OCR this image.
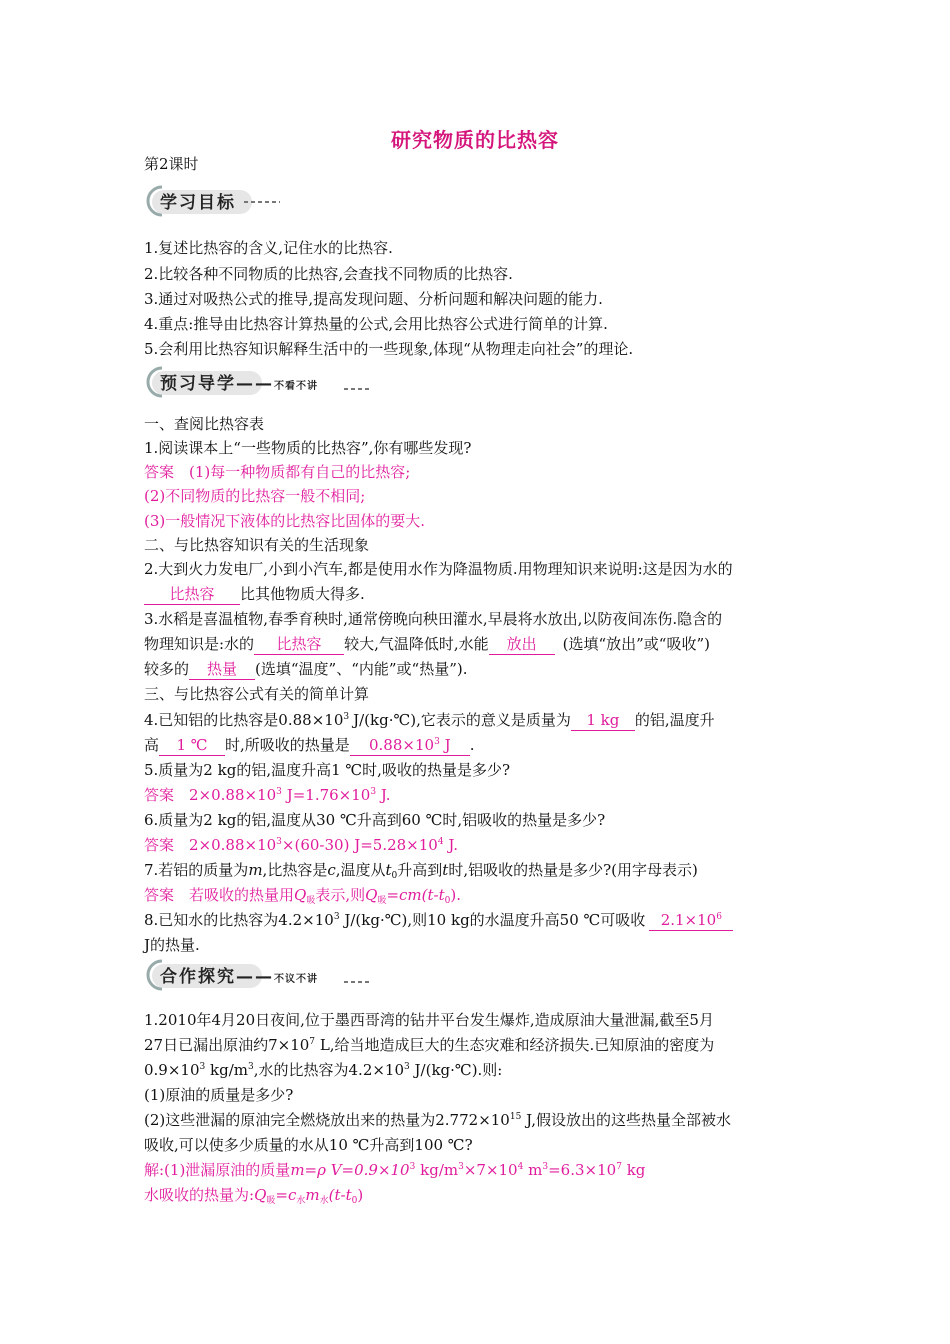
研究物质的比热容
第2课时
学习目标
1.复述比热容的含义,记住水的比热容.
2.比较各种不同物质的比热容,会查找不同物质的比热容.
3.通过对吸热公式的推导,提高发现问题、分析问题和解决问题的能力.
4.重点:推导由比热容计算热量的公式,会用比热容公式进行简单的计算.
5.会利用比热容知识解释生活中的一些现象,体现“从物理走向社会”的理论.
预习导学——不看不讲
一、查阅比热容表
1.阅读课本上“一些物质的比热容”,你有哪些发现?
答案　(1)每一种物质都有自己的比热容;
(2)不同物质的比热容一般不相同;
(3)一般情况下液体的比热容比固体的要大.
二、与比热容知识有关的生活现象
2.大到火力发电厂,小到小汽车,都是使用水作为降温物质.用物理知识来说明:这是因为水的
比热容 比其他物质大得多.
3.水稻是喜温植物,春季育秧时,通常傍晚向秧田灌水,早晨将水放出,以防夜间冻伤.隐含的
物理知识是:水的 比热容 较大,气温降低时,水能 放出 (选填“放出”或“吸收”)
较多的 热量 (选填“温度”、“内能”或“热量”).
三、与比热容公式有关的简单计算
4.已知铝的比热容是$0.88\times 10^3$ J/(kg·℃),它表示的意义是质量为 1 kg 的铝,温度升
高 1 ℃ 时,所吸收的热量是 $0.88\times 10^3$ J .
5.质量为2 kg的铝,温度升高1 ℃时,吸收的热量是多少?
答案　$2\times 0.88\times 10^3$ $J=1.76\times 10^3$ J.
6.质量为2 kg的铝,温度从30 ℃升高到60 ℃时,铝吸收的热量是多少?
答案　$2\times 0.88\times 10^3\times(60-30)$ $J=5.28\times 10^4$ J.
7.若铝的质量为m,比热容是c,温度从$t_0$升高到t时,铝吸收的热量是多少?(用字母表示)
答案　若吸收的热量用$Q_吸$表示,则$Q_吸=cm(t-t_0)$.
8.已知水的比热容为$4.2\times 10^3$ J/(kg·℃),则10 kg的水温度升高50 ℃可吸收 $2.1\times 10^6$
J的热量.
合作探究——不议不讲
1.2010年4月20日夜间,位于墨西哥湾的钻井平台发生爆炸,造成原油大量泄漏,截至5月
27日已漏出原油约$7\times 10^7$ L,给当地造成巨大的生态灾难和经济损失.已知原油的密度为
$0.9\times 10^3$ $kg/m^3$,水的比热容为$4.2\times 10^3$ J/(kg·℃).则:
(1)原油的质量是多少?
(2)这些泄漏的原油完全燃烧放出来的热量为$2.772\times 10^{15}$ J,假设放出的这些热量全部被水
吸收,可以使多少质量的水从10 ℃升高到100 ℃?
解:(1)泄漏原油的质量m=ρ $V=0.9\times 10^3$ $kg/m^3\times 7\times 10^4$ $m^3=6.3\times 10^7$ kg
水吸收的热量为$:Q_吸=c_水m_水(t-t_0)$
